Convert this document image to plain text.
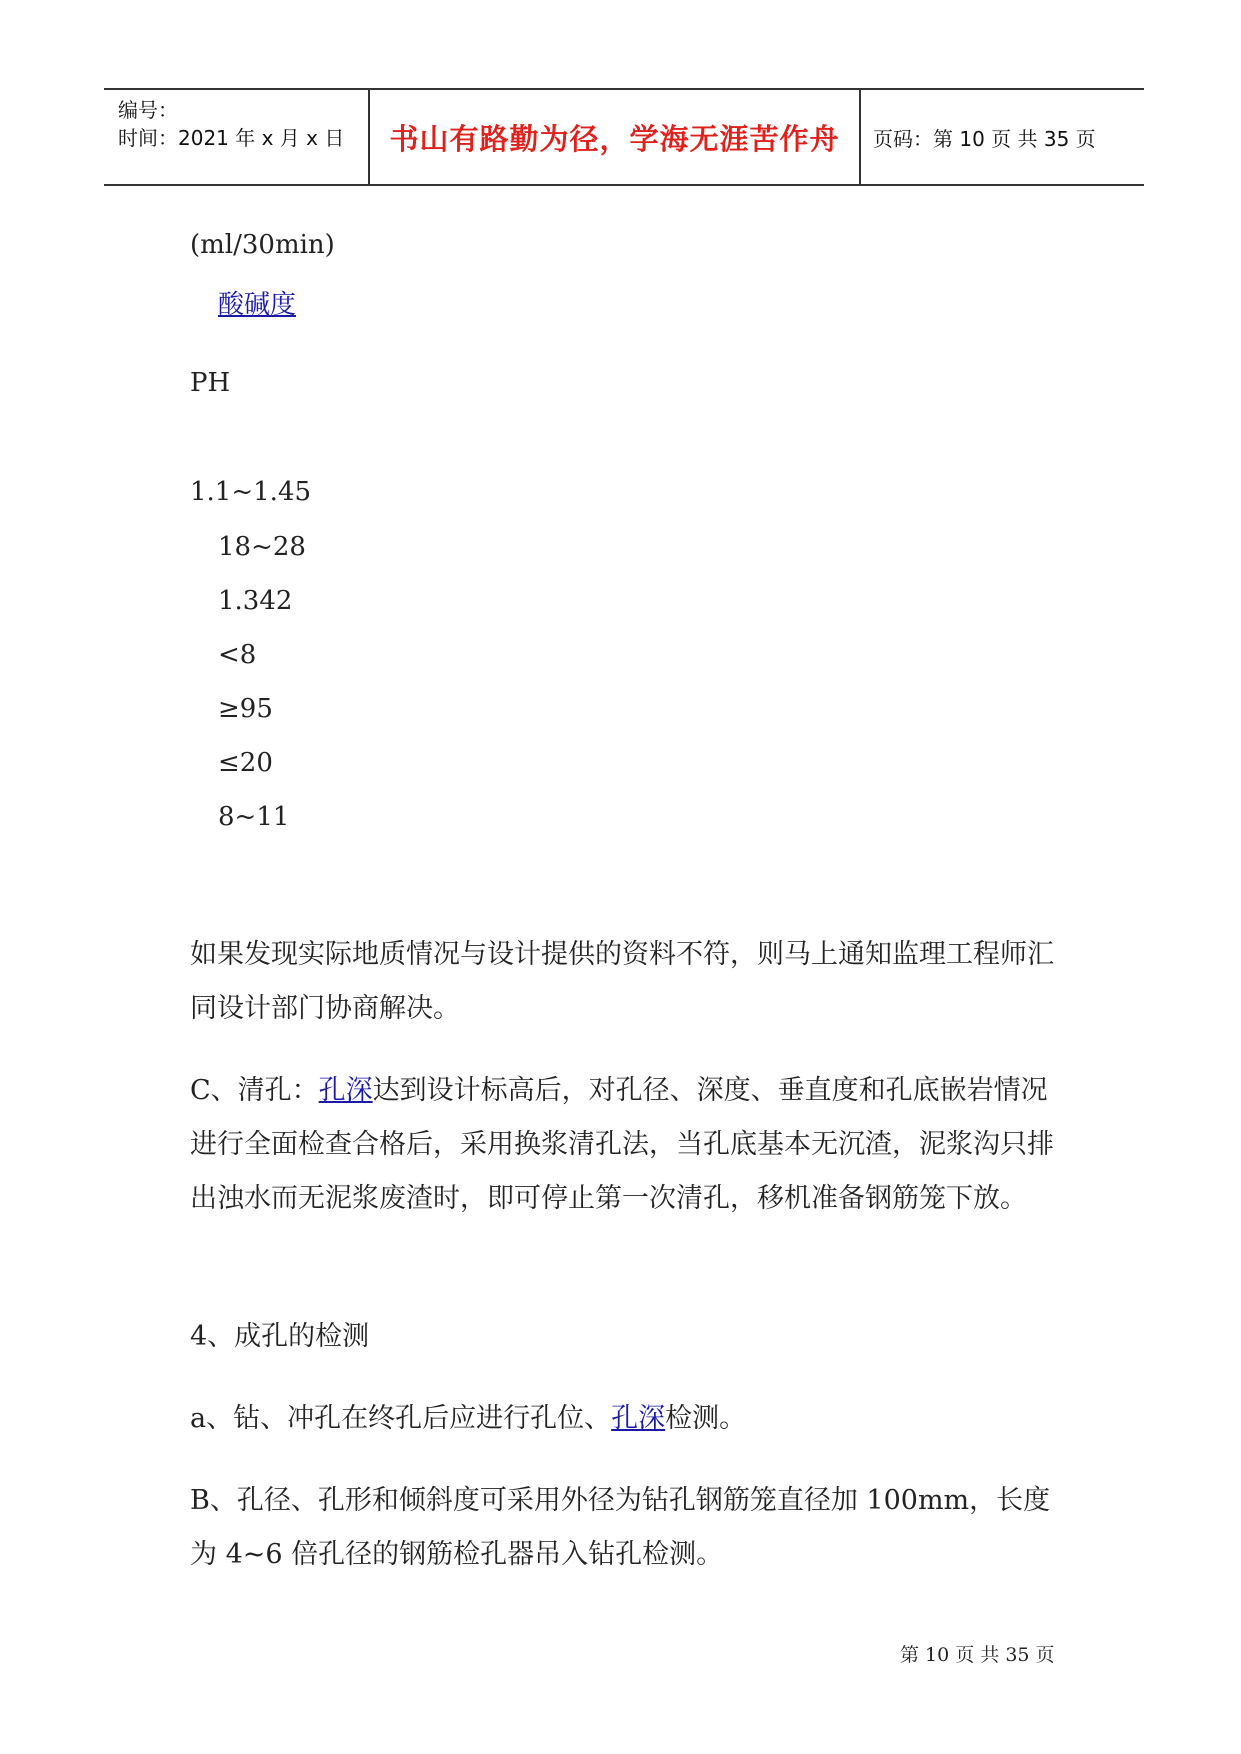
编号：
时间：2021 年 x 月 x 日 书山有路勤为径，学海无涯苦作舟 页码：第 10 页 共 35 页
(ml/30min)
酸碱度
PH
1.1~1.45
18~28
1.342
<8
≥95
≤20
8~11

如果发现实际地质情况与设计提供的资料不符，则马上通知监理工程师汇同设计部门协商解决。

C、清孔：孔深达到设计标高后，对孔径、深度、垂直度和孔底嵌岩情况进行全面检查合格后，采用换浆清孔法，当孔底基本无沉渣，泥浆沟只排出浊水而无泥浆废渣时，即可停止第一次清孔，移机准备钢筋笼下放。

4、成孔的检测

a、钻、冲孔在终孔后应进行孔位、孔深检测。

B、孔径、孔形和倾斜度可采用外径为钻孔钢筋笼直径加 100mm，长度为 4~6 倍孔径的钢筋检孔器吊入钻孔检测。

第 10 页 共 35 页
